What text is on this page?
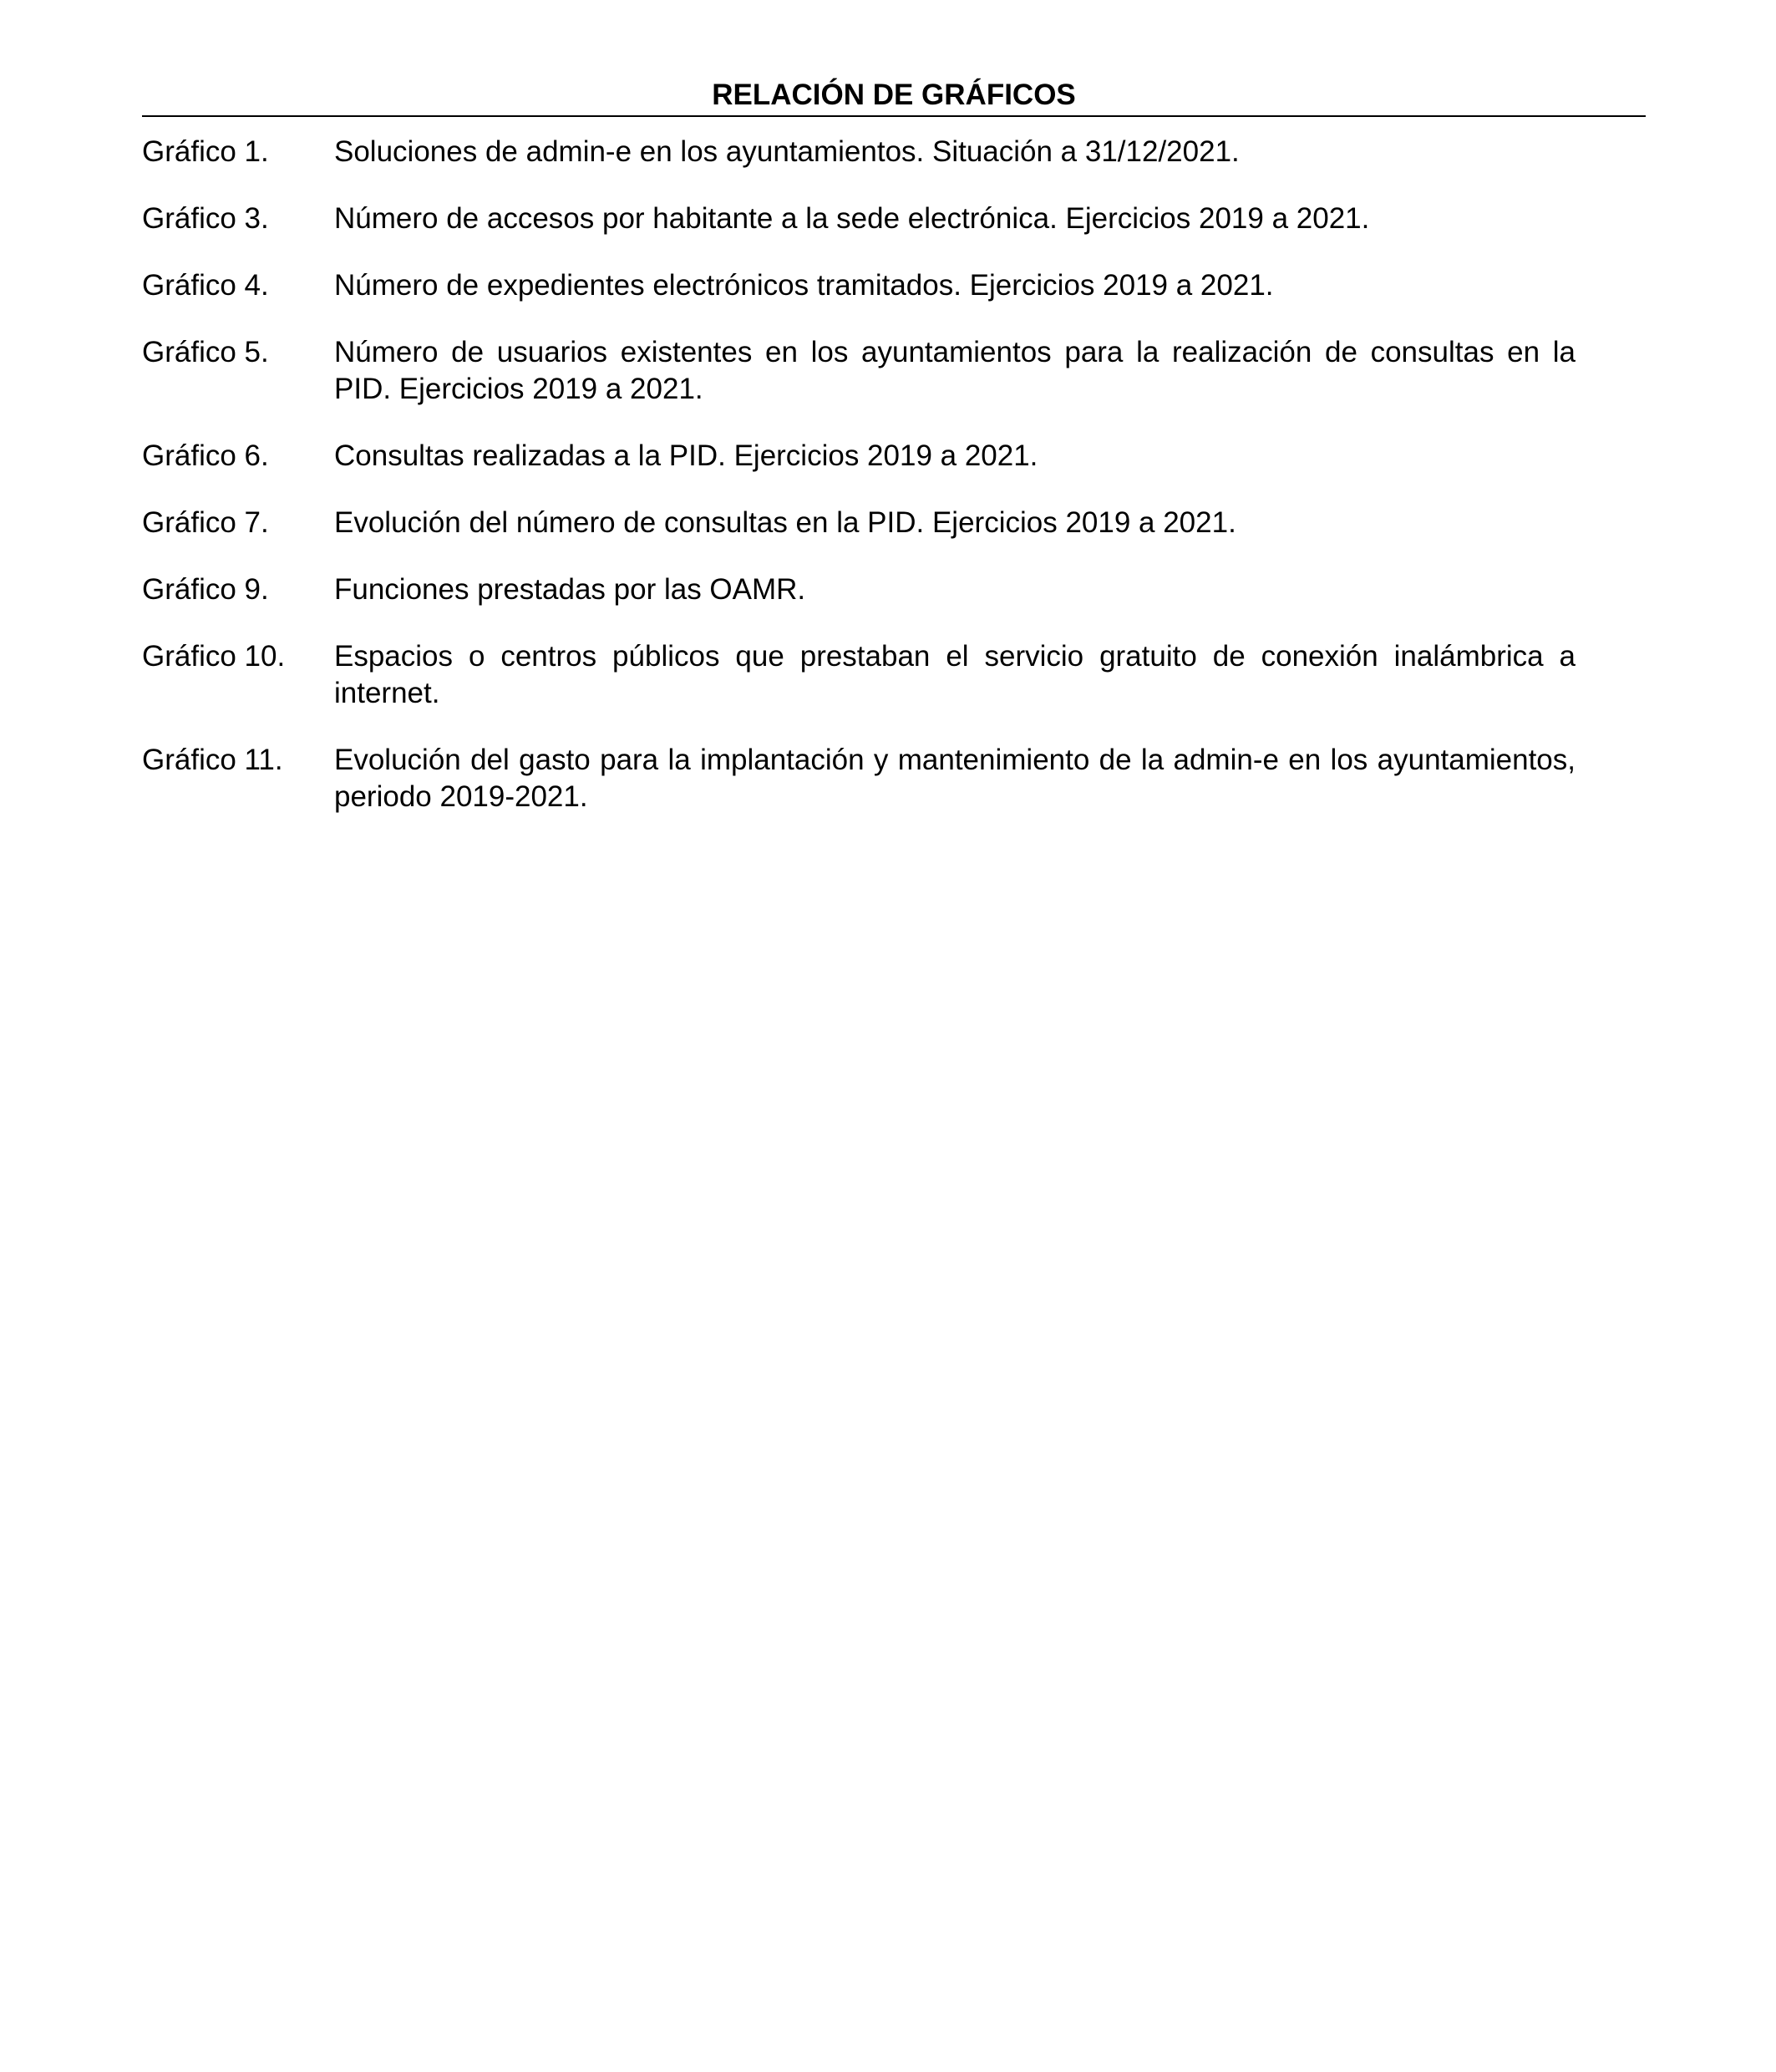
RELACIÓN DE GRÁFICOS
Gráfico 1.	Soluciones de admin-e en los ayuntamientos. Situación a 31/12/2021.
Gráfico 3.	Número de accesos por habitante a la sede electrónica. Ejercicios 2019 a 2021.
Gráfico 4.	Número de expedientes electrónicos tramitados. Ejercicios 2019 a 2021.
Gráfico 5.	Número de usuarios existentes en los ayuntamientos para la realización de consultas en la PID. Ejercicios 2019 a 2021.
Gráfico 6.	Consultas realizadas a la PID. Ejercicios 2019 a 2021.
Gráfico 7.	Evolución del número de consultas en la PID. Ejercicios 2019 a 2021.
Gráfico 9.	Funciones prestadas por las OAMR.
Gráfico 10.	Espacios o centros públicos que prestaban el servicio gratuito de conexión inalámbrica a internet.
Gráfico 11.	Evolución del gasto para la implantación y mantenimiento de la admin-e en los ayuntamientos, periodo 2019-2021.
